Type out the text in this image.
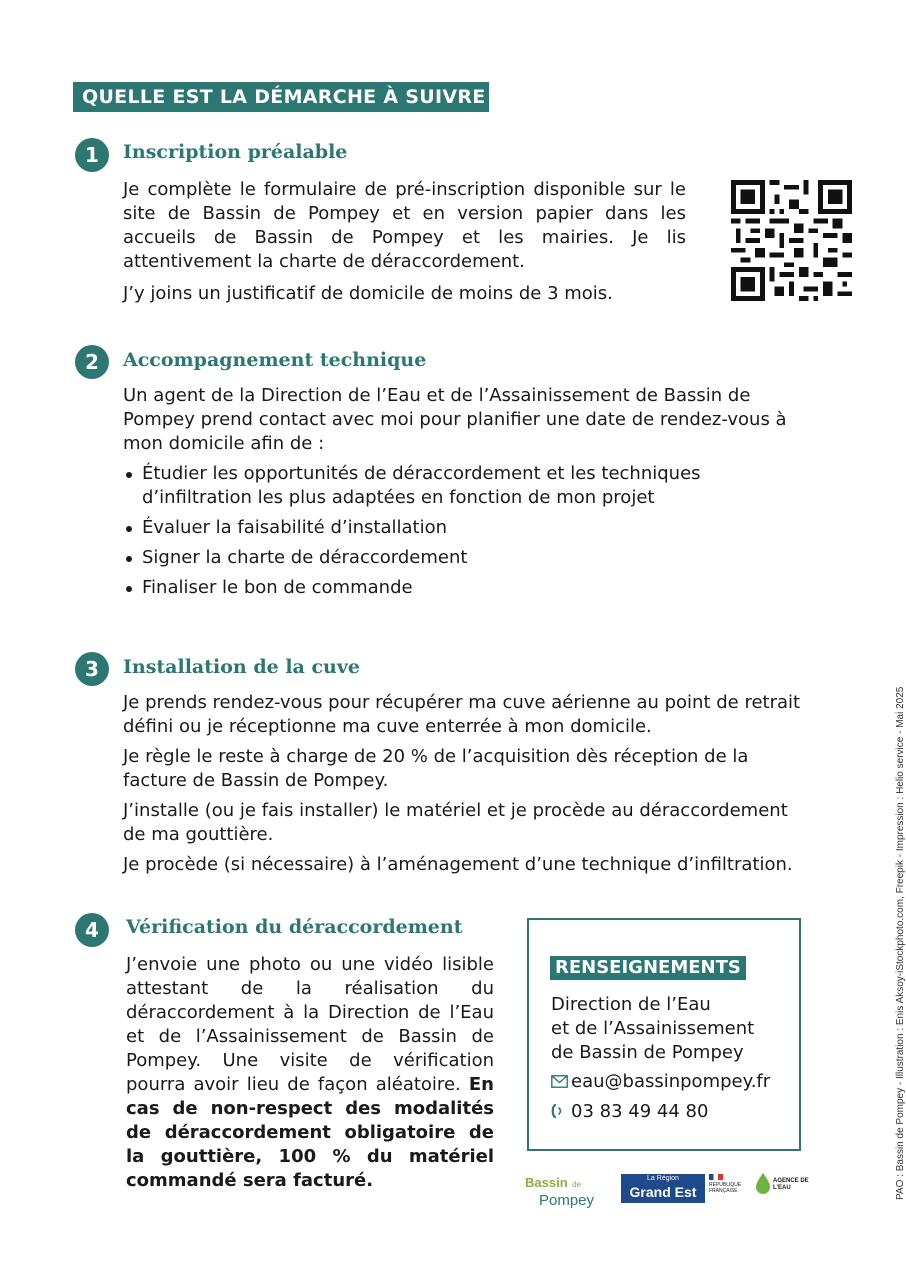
QUELLE EST LA DÉMARCHE À SUIVRE ?
1	Inscription préalable

Je complète le formulaire de pré-inscription disponible sur le site de Bassin de Pompey et en version papier dans les accueils de Bassin de Pompey et les mairies. Je lis attentivement la charte de déraccordement.

J’y joins un justificatif de domicile de moins de 3 mois.

2	Accompagnement technique

Un agent de la Direction de l’Eau et de l’Assainissement de Bassin de Pompey prend contact avec moi pour planifier une date de rendez-vous à mon domicile afin de :

Étudier les opportunités de déraccordement et les techniques d’infiltration les plus adaptées en fonction de mon projet
Évaluer la faisabilité d’installation
Signer la charte de déraccordement
Finaliser le bon de commande
3	Installation de la cuve

Je prends rendez-vous pour récupérer ma cuve aérienne au point de retrait défini ou je réceptionne ma cuve enterrée à mon domicile.

Je règle le reste à charge de 20 % de l’acquisition dès réception de la facture de Bassin de Pompey.

J’installe (ou je fais installer) le matériel et je procède au déraccordement de ma gouttière.

Je procède (si nécessaire) à l’aménagement d’une technique d’infiltration.

4	Vérification du déraccordement

J’envoie une photo ou une vidéo lisible attestant de la réalisation du déraccordement à la Direction de l’Eau et de l’Assainissement de Bassin de Pompey. Une visite de vérification pourra avoir lieu de façon aléatoire. En cas de non-respect des modalités de déraccordement obligatoire de la gouttière, 100 % du matériel commandé sera facturé.

RENSEIGNEMENTS
Direction de l’Eau
et de l’Assainissement
de Bassin de Pompey
eau@bassinpompey.fr
03 83 49 44 80
Bassin de
Pompey
La Région
Grand Est	RÉPUBLIQUE FRANÇAISE
AGENCE DE L’EAU	PAO : Bassin de Pompey - Illustration : Enis Aksoy-iStockphoto.com, Freepik - Impression : Helio service - Mai 2025
